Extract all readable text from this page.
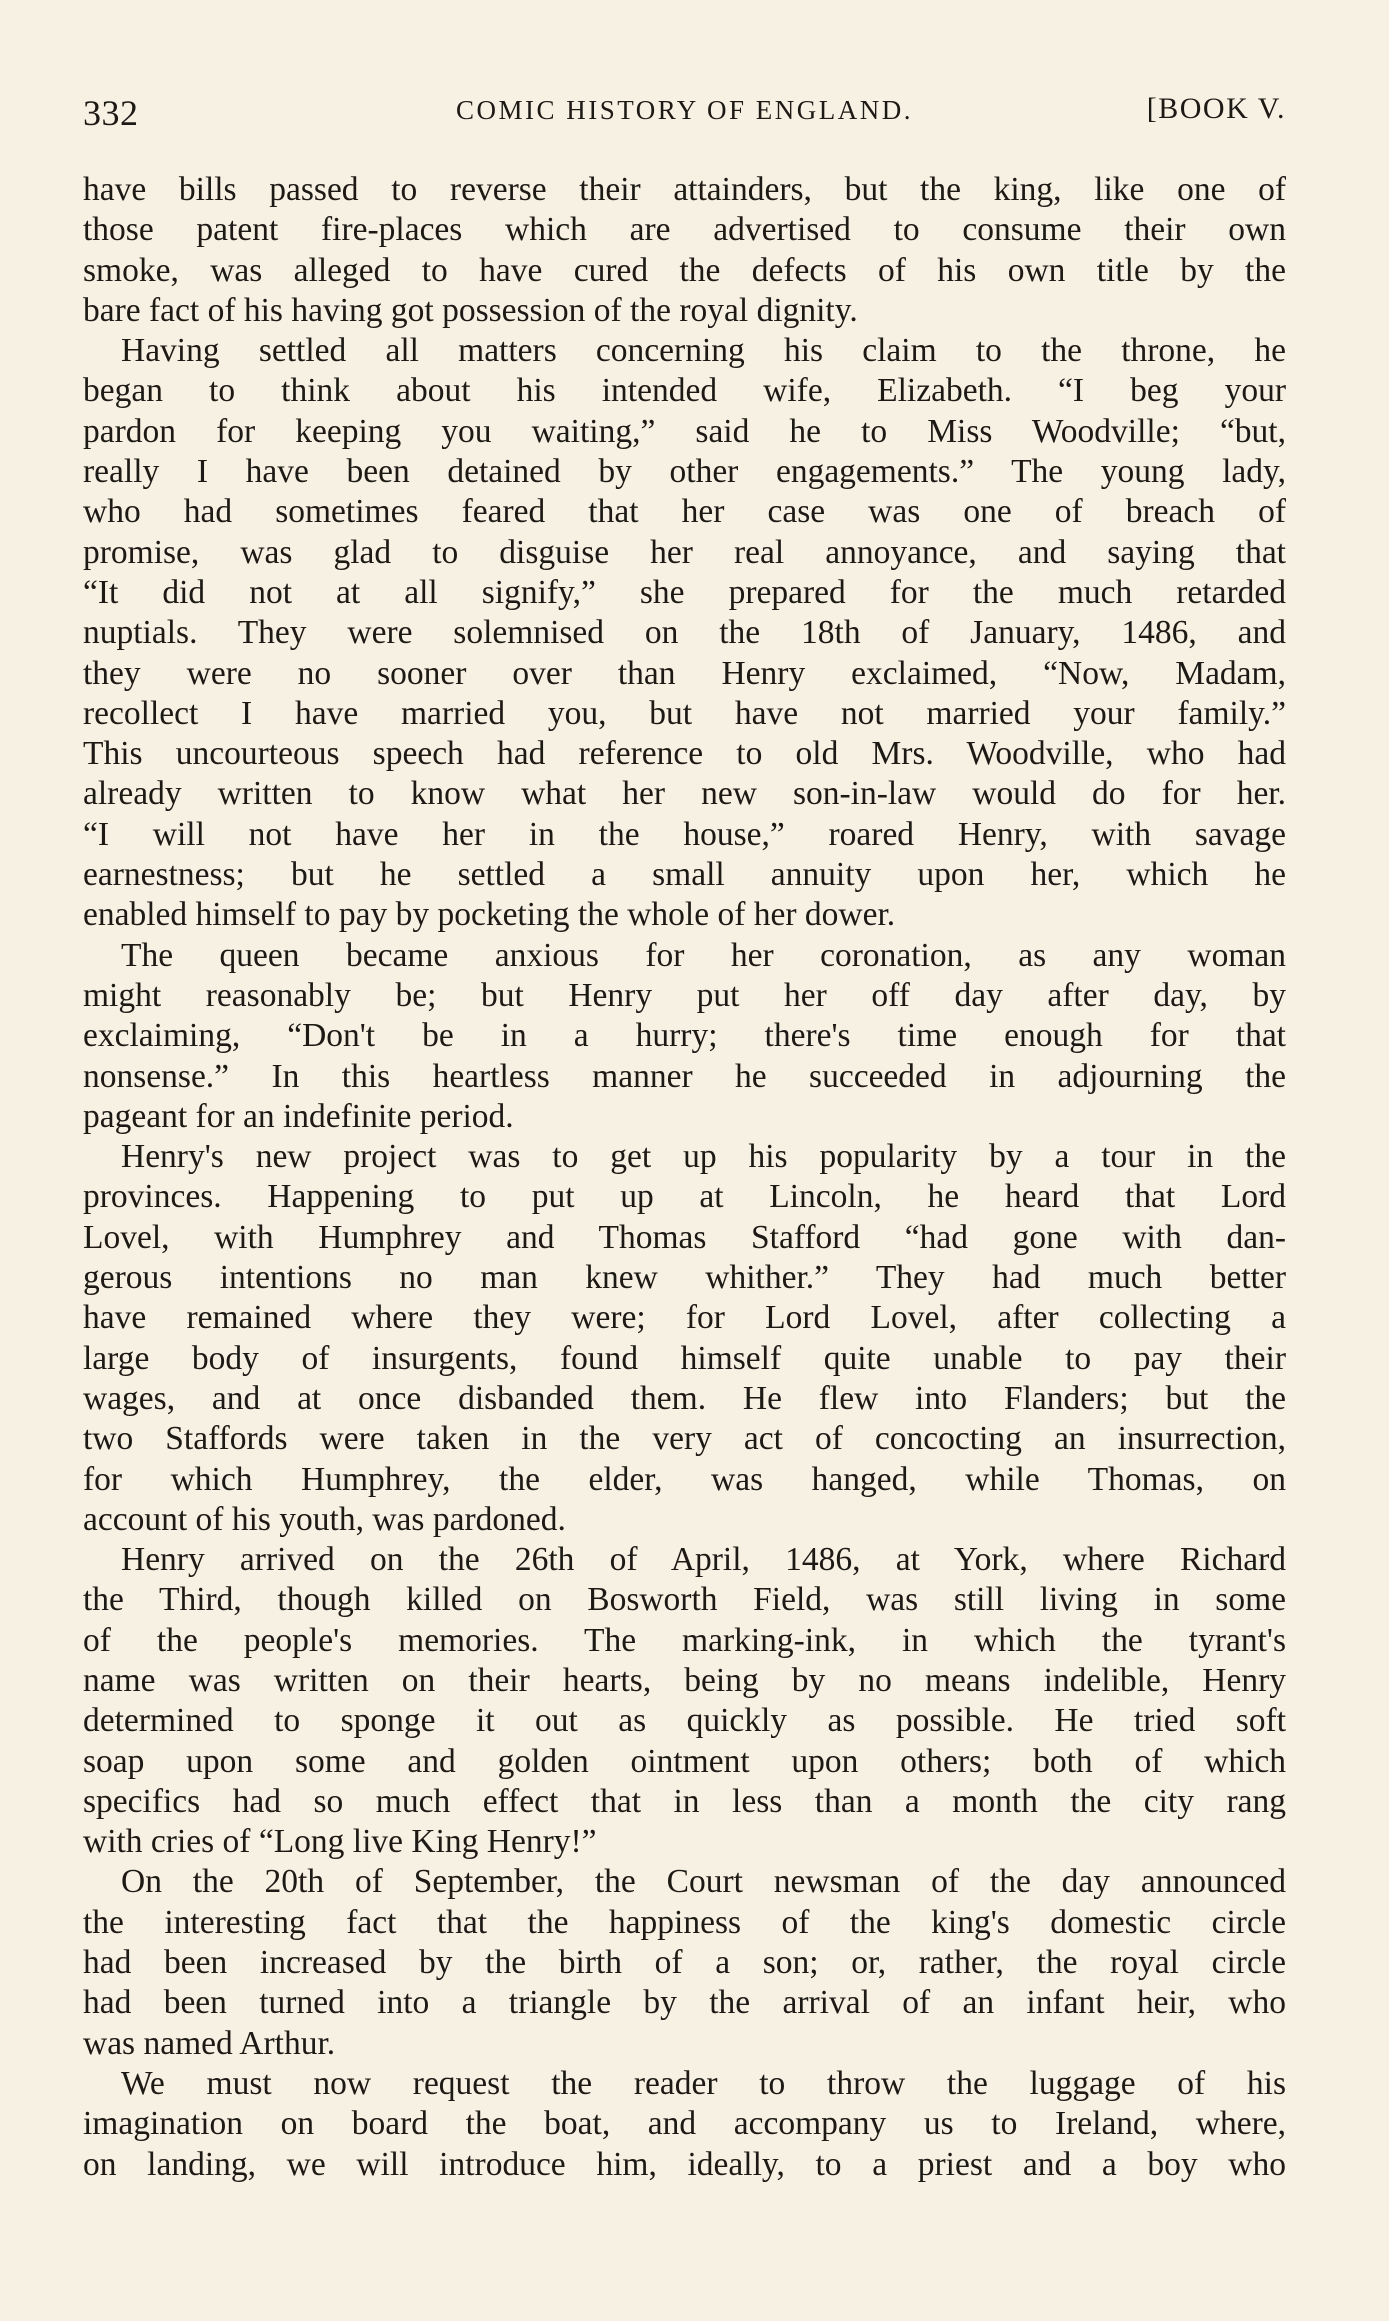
332	COMIC HISTORY OF ENGLAND.	[BOOK V.
have bills passed to reverse their attainders, but the king, like one of
those patent fire-places which are advertised to consume their own
smoke, was alleged to have cured the defects of his own title by the
bare fact of his having got possession of the royal dignity.
Having settled all matters concerning his claim to the throne, he
began to think about his intended wife, Elizabeth. “I beg your
pardon for keeping you waiting,” said he to Miss Woodville; “but,
really I have been detained by other engagements.” The young lady,
who had sometimes feared that her case was one of breach of
promise, was glad to disguise her real annoyance, and saying that
“It did not at all signify,” she prepared for the much retarded
nuptials. They were solemnised on the 18th of January, 1486, and
they were no sooner over than Henry exclaimed, “Now, Madam,
recollect I have married you, but have not married your family.”
This uncourteous speech had reference to old Mrs. Woodville, who had
already written to know what her new son-in-law would do for her.
“I will not have her in the house,” roared Henry, with savage
earnestness; but he settled a small annuity upon her, which he
enabled himself to pay by pocketing the whole of her dower.
The queen became anxious for her coronation, as any woman
might reasonably be; but Henry put her off day after day, by
exclaiming, “Don't be in a hurry; there's time enough for that
nonsense.” In this heartless manner he succeeded in adjourning the
pageant for an indefinite period.
Henry's new project was to get up his popularity by a tour in the
provinces. Happening to put up at Lincoln, he heard that Lord
Lovel, with Humphrey and Thomas Stafford “had gone with dan-
gerous intentions no man knew whither.” They had much better
have remained where they were; for Lord Lovel, after collecting a
large body of insurgents, found himself quite unable to pay their
wages, and at once disbanded them. He flew into Flanders; but the
two Staffords were taken in the very act of concocting an insurrection,
for which Humphrey, the elder, was hanged, while Thomas, on
account of his youth, was pardoned.
Henry arrived on the 26th of April, 1486, at York, where Richard
the Third, though killed on Bosworth Field, was still living in some
of the people's memories. The marking-ink, in which the tyrant's
name was written on their hearts, being by no means indelible, Henry
determined to sponge it out as quickly as possible. He tried soft
soap upon some and golden ointment upon others; both of which
specifics had so much effect that in less than a month the city rang
with cries of “Long live King Henry!”
On the 20th of September, the Court newsman of the day announced
the interesting fact that the happiness of the king's domestic circle
had been increased by the birth of a son; or, rather, the royal circle
had been turned into a triangle by the arrival of an infant heir, who
was named Arthur.
We must now request the reader to throw the luggage of his
imagination on board the boat, and accompany us to Ireland, where,
on landing, we will introduce him, ideally, to a priest and a boy who
